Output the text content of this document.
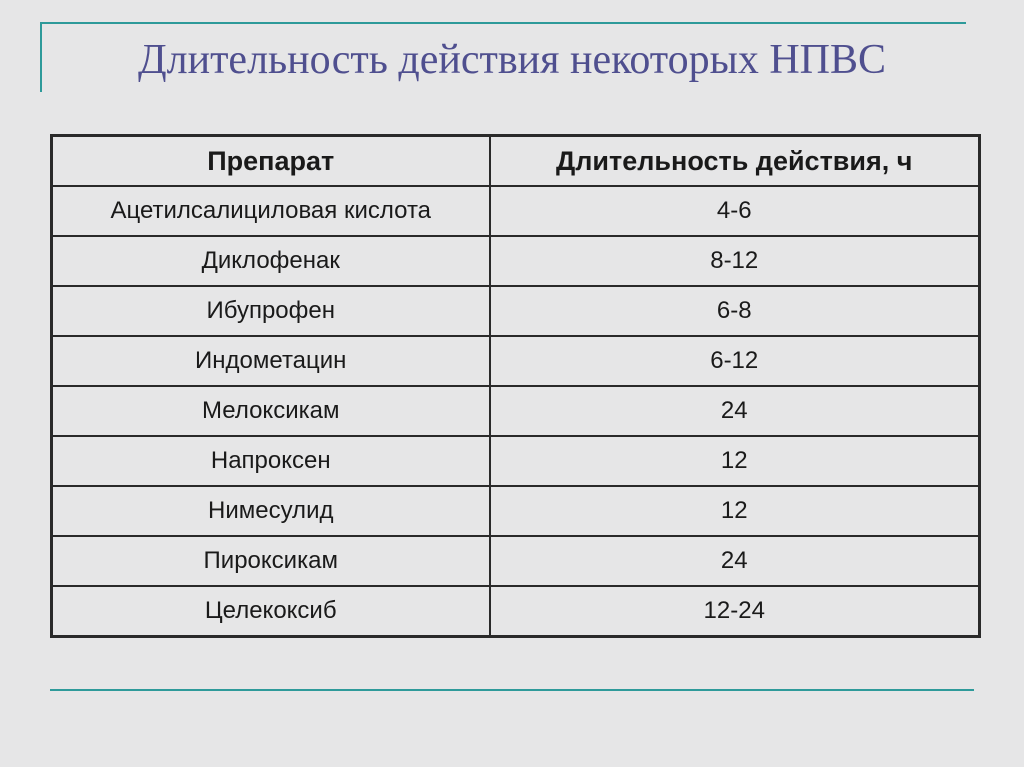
Длительность действия некоторых НПВС
Препарат	Длительность действия, ч
Ацетилсалициловая кислота	4-6
Диклофенак	8-12
Ибупрофен	6-8
Индометацин	6-12
Мелоксикам	24
Напроксен	12
Нимесулид	12
Пироксикам	24
Целекоксиб	12-24
